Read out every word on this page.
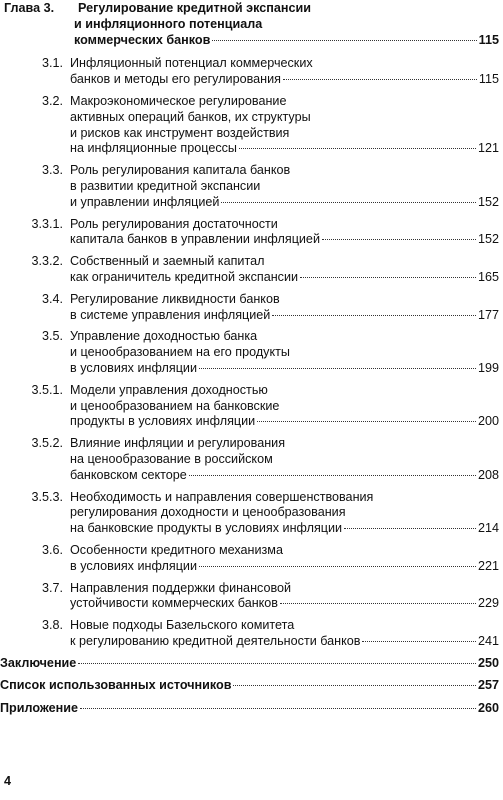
Глава 3.	Регулирование кредитной экспансии
и инфляционного потенциала
коммерческих банков	115
3.1. Инфляционный потенциал коммерческих
банков и методы его регулирования	115
3.2. Макроэкономическое регулирование
активных операций банков, их структуры
и рисков как инструмент воздействия
на инфляционные процессы	121
3.3. Роль регулирования капитала банков
в развитии кредитной экспансии
и управлении инфляцией	152
3.3.1. Роль регулирования достаточности
капитала банков в управлении инфляцией	152
3.3.2. Собственный и заемный капитал
как ограничитель кредитной экспансии	165
3.4. Регулирование ликвидности банков
в системе управления инфляцией	177
3.5. Управление доходностью банка
и ценообразованием на его продукты
в условиях инфляции	199
3.5.1. Модели управления доходностью
и ценообразованием на банковские
продукты в условиях инфляции	200
3.5.2. Влияние инфляции и регулирования
на ценообразование в российском
банковском секторе	208
3.5.3. Необходимость и направления совершенствования
регулирования доходности и ценообразования
на банковские продукты в условиях инфляции	214
3.6. Особенности кредитного механизма
в условиях инфляции	221
3.7. Направления поддержки финансовой
устойчивости коммерческих банков	229
3.8. Новые подходы Базельского комитета
к регулированию кредитной деятельности банков	241
Заключение	250
Список использованных источников	257
Приложение	260
4
